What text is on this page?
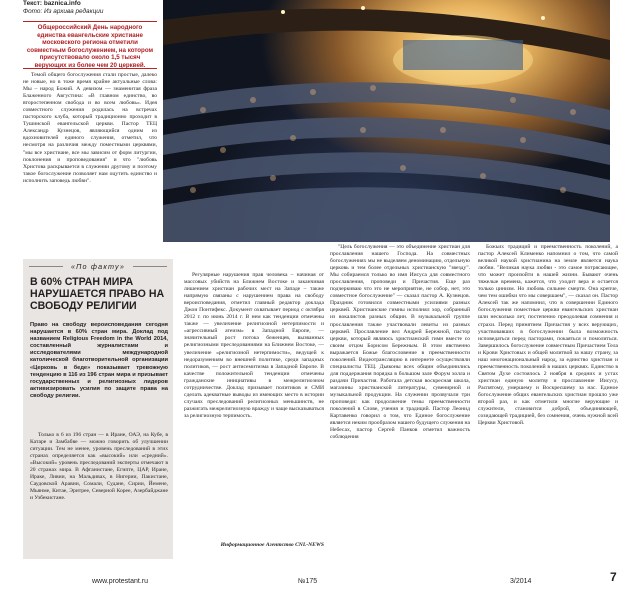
Текст: baznica.info
Фото: Из архива редакции
Общероссийский День народного единства евангельские христиане московского региона отметили совместным богослужением, на котором присутствовало около 1,5 тысяч верующих из более чем 20 церквей.
Темой общего богослужения стали простые, далеко не новые, но в тоже время крайне актуальные слова: Мы – народ Божий. А девизом — знаменитая фраза Блаженного Августина: «В главном единство, во второстепенном свобода и во всем любовь». Идея совместного служения родилась на встречах пасторского клуба, который традиционно проходит в Тушинской евангельской церкви. Пастор ТЕЦ Александр Кузнецов, являющийся одним из вдохновителей единого служения, отметил, что несмотря на различия между поместными церквями, "мы все христиане, все мы зависим от форм литургии, поклонения и проповедования" и что "любовь Христова раскрывается в служении другому и поэтому такое богослужение позволяет нам оцутить единство и исполнить заповедь любви".
«По факту»
В 60% СТРАН МИРА НАРУШАЕТСЯ ПРАВО НА СВОБОДУ РЕЛИГИИ
Право на свободу вероисповедания сегодня нарушается в 60% стран мира. Доклад под названием Religious Freedom in the World 2014, составленный журналистами и исследователями международной католической благотворительной организации «Церковь в беде» показывает тревожную тенденцию в 116 из 196 стран мира и призывает государственных и религиозных лидеров активизировать усилия по защите права на свободу религии.
Только в 6 из 196 стран — в Иране, ОАЭ, на Кубе, в Катаре и Замбабве — можно говорить об улучшении ситуации. Тем не менее, уровень преследований в этих странах определяется как «высокий» или «средний». «Высокий» уровень преследований эксперты отмечают в 20 странах мира. В Афганистане, Египте, ЦАР, Иране, Ираке, Ливии, на Мальдивах, в Нигерии, Пакистане, Саудовской Аравии, Сомали, Судане, Сирии, Йемене, Мьянме, Китае, Эритрее, Северной Корее, Азербайджане и Узбекистане.
Регулярные нарушения прав человека – начиная от массовых убийств на Ближнем Востоке и заканчивая лишением христиан рабочих мест на Западе – также напрямую связаны с нарушением права на свободу вероисповедания, отметил главный редактор доклада Джон Понтифекс. Документ охватывает период с октября 2012 г. по июнь 2014 г. В нем как тенденции отмечены также — увеличение религиозной нетерпимости и «агрессивный атеизм» в Западной Европе, — значительный рост потока беженцев, вызванных религиозными преследованиями на Ближнем Востоке, — увеличение «религиозной нетерпимости», ведущей к недоразумениям во внешней политике, среди западных политиков, — рост антисемитизма в Западной Европе. В качестве положительной тенденции отмечены гражданские инициативы в межрелигиозном сотрудничестве. Доклад призывает политиков и СМИ сделать адекватные выводы из имеющих место в истории случаях преследований религиозных меньшинств, не разжигать межрелигиозную вражду и чаще высказываться за религиозную терпимость.
Информационное Агентство CNL-NEWS
"Цель богослужения — это объединение христиан для прославления нашего Господа. На совместных богослужениях мы не выделяем деноминацию, отдельную церковь и тем более отдельных христианскую "звезду". Мы собираемся только во имя Иисуса для совместного прославления, проповеди и Причастия. Еще раз подчеркиваю что это не мероприятие, не собор, нет, это совместное богослужение" — сказал пастор А. Кузнецов. Праздник готовился совместными усилиями разных церквей. Христианские гимны исполнял хор, собранный из вокалистов разных общин. В музыкальной группе прославления также участвовали левиты из разных церквей. Прославление вел Андрей Бережной, пастор церкви, который являюсь христианский гимн вместе со своим отцом Борисом Бережным. В этом явственно выражается Божье благословение в преемственности поколений. Видеотрансляцию в интернете осуществляли специалисты ТЕЦ. Дьяконы всех общин объединились для поддержания порядка в большом зале Форум холла и раздачи Причастия. Работала детская воскресная школа, магазины христианской литературы, сувенирной и музыкальной продукции. На служении прозвучали три проповеди: как продолжение темы преемственности поколений в Слове, учения и традиций. Пастор Леонид Картавенко говорил о том, что Единое богослужение является неким прообразом нашего будущего служения на Небесах, пастор Сергей Панков отметил важность соблюдения
Божьих традиций и преемственность поколений, а пастор Алексей Клименко напомнил о том, что самой великой наукой христианина на земле является наука любви. "Великая наука любви - это самое потрясающее, что может произойти в нашей жизни. Бывают очень тяжелые времена, кажется, что уходит вера и остается только цинизм. Но любовь сильнее смерти. Она крепче, чем тем ошибки что мы совершаем", — сказал он. Пастор Алексей так же напомнил, что в совершении Единого богослужения поместные церкви евангельских христиан шли несколько лет, постепенно преодолевая сомнения и страхи. Перед принятием Причастия у всех верующих, участвовавших в богослужении была возможность исповедаться перед пасторами, покаяться и помолиться. Завершилось богослужение совместным Причастием Тела и Крови Христовых и общей молитвой за нашу страну, за наш многонациональный народ, за единство христиан и преемственность поколений в наших церквях. Единство в Святом Духе состоялось 2 ноября в средних и устах христиан единую молитву и прославление Иисусу, Распятому, умершему и Воскресшему за нас. Единое богослужение общих евангельских христиан прошло уже второй раз, и как отметили многие верующие и служители, становится доброй, объединяющей, созидающей традицией, без сомнения, очень нужной всей Церкви Христовой.
www.protestant.ru	№175	3/2014	7
